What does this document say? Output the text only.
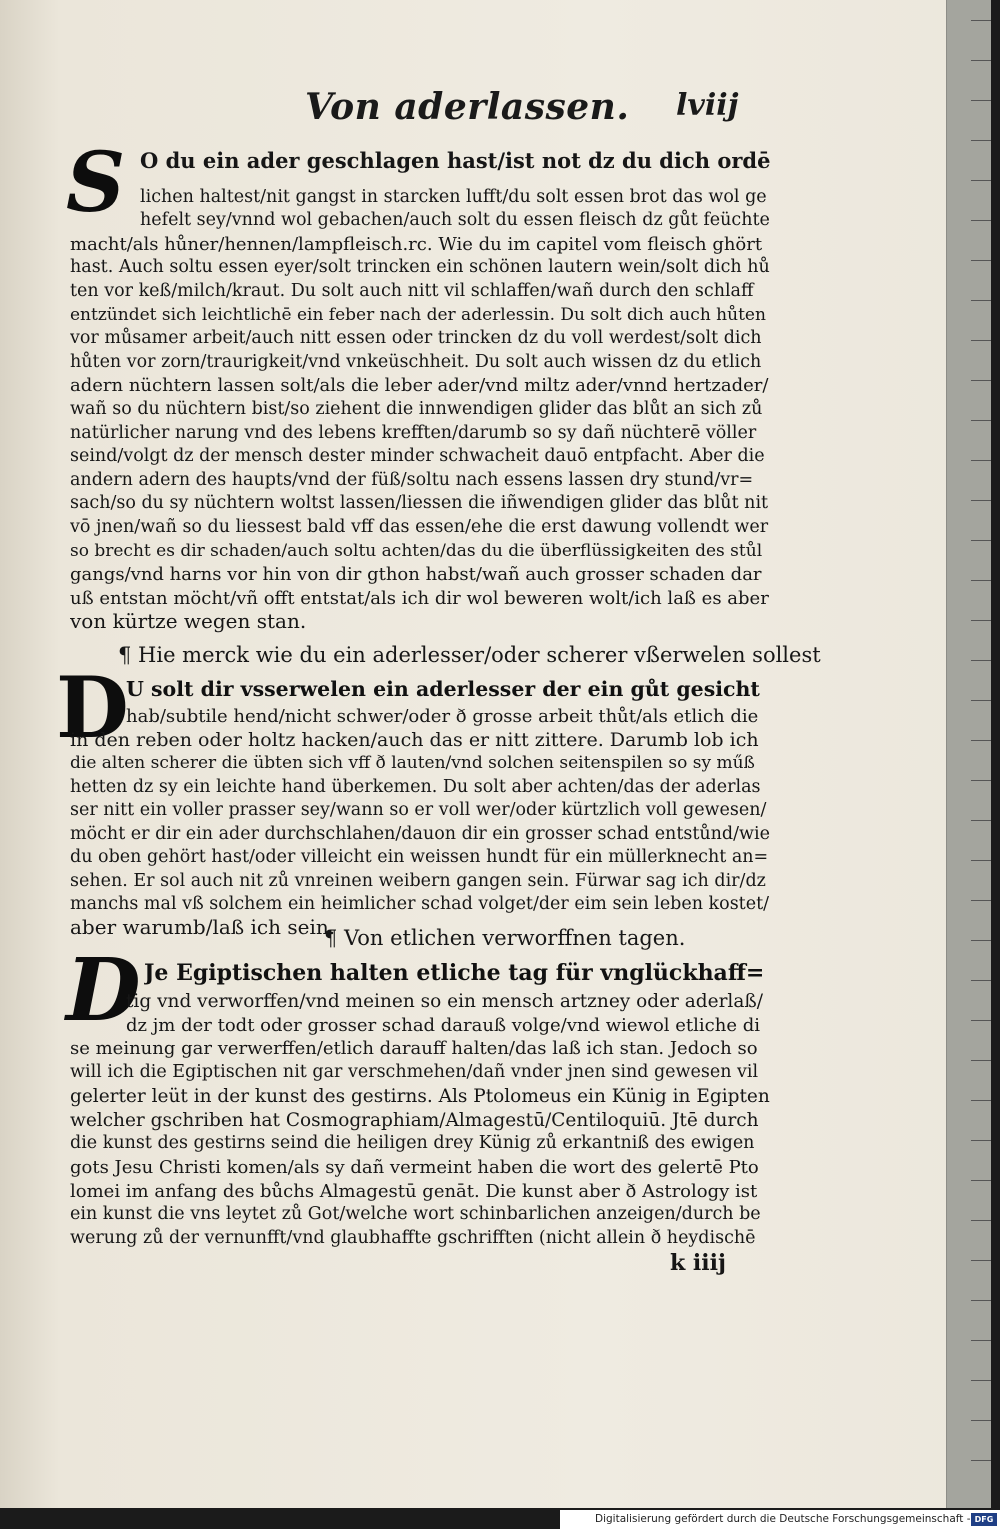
Von aderlassen. lviij
S O du ein ader geschlagen hast/ist not dz du dich ordē
lichen haltest/nit gangst in starcken lufft/du solt essen brot das wol ge
hefelt sey/vnnd wol gebachen/auch solt du essen fleisch dz gůt feüchte
macht/als hůner/hennen/lampfleisch.rc. Wie du im capitel vom fleisch ghört
hast. Auch soltu essen eyer/solt trincken ein schönen lautern wein/solt dich hů
ten vor keß/milch/kraut. Du solt auch nitt vil schlaffen/wañ durch den schlaff
entzündet sich leichtlichē ein feber nach der aderlessin. Du solt dich auch hůten
vor můsamer arbeit/auch nitt essen oder trincken dz du voll werdest/solt dich
hůten vor zorn/traurigkeit/vnd vnkeüschheit. Du solt auch wissen dz du etlich
adern nüchtern lassen solt/als die leber ader/vnd miltz ader/vnnd hertzader/
wañ so du nüchtern bist/so ziehent die innwendigen glider das blůt an sich zů
natürlicher narung vnd des lebens krefften/darumb so sy dañ nüchterē völler
seind/volgt dz der mensch dester minder schwacheit dauō entpfacht. Aber die
andern adern des haupts/vnd der füß/soltu nach essens lassen dry stund/vr=
sach/so du sy nüchtern woltst lassen/liessen die iñwendigen glider das blůt nit
vō jnen/wañ so du liessest bald vff das essen/ehe die erst dawung vollendt wer
so brecht es dir schaden/auch soltu achten/das du die überflüssigkeiten des stůl
gangs/vnd harns vor hin von dir gthon habst/wañ auch grosser schaden dar
uß entstan möcht/vñ offt entstat/als ich dir wol beweren wolt/ich laß es aber
von kürtze wegen stan.
¶ Hie merck wie du ein aderlesser/oder scherer vßerwelen sollest
D
U solt dir vsserwelen ein aderlesser der ein gůt gesicht
hab/subtile hend/nicht schwer/oder ð grosse arbeit thůt/als etlich die
in den reben oder holtz hacken/auch das er nitt zittere. Darumb lob ich
die alten scherer die übten sich vff ð lauten/vnd solchen seitenspilen so sy műß
hetten dz sy ein leichte hand überkemen. Du solt aber achten/das der aderlas
ser nitt ein voller prasser sey/wann so er voll wer/oder kürtzlich voll gewesen/
möcht er dir ein ader durchschlahen/dauon dir ein grosser schad entstůnd/wie
du oben gehört hast/oder villeicht ein weissen hundt für ein müllerknecht an=
sehen. Er sol auch nit zů vnreinen weibern gangen sein. Fürwar sag ich dir/dz
manchs mal vß solchem ein heimlicher schad volget/der eim sein leben kostet/
aber warumb/laß ich sein.
¶ Von etlichen verworffnen tagen.
D Je Egiptischen halten etliche tag für vnglückhaff=
tig vnd verworffen/vnd meinen so ein mensch artzney oder aderlaß/
dz jm der todt oder grosser schad darauß volge/vnd wiewol etliche di
se meinung gar verwerffen/etlich darauff halten/das laß ich stan. Jedoch so
will ich die Egiptischen nit gar verschmehen/dañ vnder jnen sind gewesen vil
gelerter leüt in der kunst des gestirns. Als Ptolomeus ein Künig in Egipten
welcher gschriben hat Cosmographiam/Almagestū/Centiloquiū. Jtē durch
die kunst des gestirns seind die heiligen drey Künig zů erkantniß des ewigen
gots Jesu Christi komen/als sy dañ vermeint haben die wort des gelertē Pto
lomei im anfang des bůchs Almagestū genāt. Die kunst aber ð Astrology ist
ein kunst die vns leytet zů Got/welche wort schinbarlichen anzeigen/durch be
werung zů der vernunfft/vnd glaubhaffte gschrifften (nicht allein ð heydischē
k iiij
Digitalisierung gefördert durch die Deutsche Forschungsgemeinschaft - DFG
